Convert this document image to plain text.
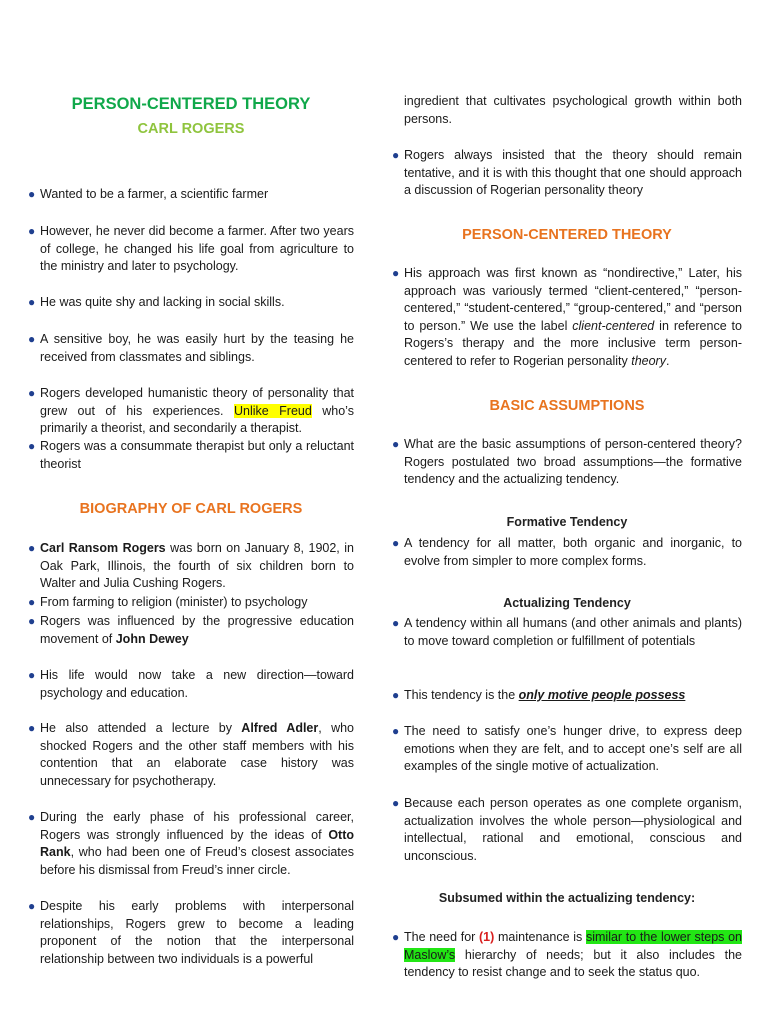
PERSON-CENTERED THEORY
CARL ROGERS

● Wanted to be a farmer, a scientific farmer

● However, he never did become a farmer. After two years of college, he changed his life goal from agriculture to the ministry and later to psychology.

● He was quite shy and lacking in social skills.

● A sensitive boy, he was easily hurt by the teasing he received from classmates and siblings.

● Rogers developed humanistic theory of personality that grew out of his experiences. Unlike Freud who’s primarily a theorist, and secondarily a therapist.

● Rogers was a consummate therapist but only a reluctant theorist

BIOGRAPHY OF CARL ROGERS

● Carl Ransom Rogers was born on January 8, 1902, in Oak Park, Illinois, the fourth of six children born to Walter and Julia Cushing Rogers.

● From farming to religion (minister) to psychology

● Rogers was influenced by the progressive education movement of John Dewey

● His life would now take a new direction—toward psychology and education.

● He also attended a lecture by Alfred Adler, who shocked Rogers and the other staff members with his contention that an elaborate case history was unnecessary for psychotherapy.

● During the early phase of his professional career, Rogers was strongly influenced by the ideas of Otto Rank, who had been one of Freud’s closest associates before his dismissal from Freud’s inner circle.

● Despite his early problems with interpersonal relationships, Rogers grew to become a leading proponent of the notion that the interpersonal relationship between two individuals is a powerful

ingredient that cultivates psychological growth within both persons.

● Rogers always insisted that the theory should remain tentative, and it is with this thought that one should approach a discussion of Rogerian personality theory

PERSON-CENTERED THEORY

● His approach was first known as “nondirective,” Later, his approach was variously termed “client-centered,” “person-centered,” “student-centered,” “group-centered,” and “person to person.” We use the label client-centered in reference to Rogers’s therapy and the more inclusive term person-centered to refer to Rogerian personality theory.

BASIC ASSUMPTIONS

● What are the basic assumptions of person-centered theory? Rogers postulated two broad assumptions—the formative tendency and the actualizing tendency.

Formative Tendency

● A tendency for all matter, both organic and inorganic, to evolve from simpler to more complex forms.

Actualizing Tendency

● A tendency within all humans (and other animals and plants) to move toward completion or fulfillment of potentials

● This tendency is the only motive people possess

● The need to satisfy one’s hunger drive, to express deep emotions when they are felt, and to accept one’s self are all examples of the single motive of actualization.

● Because each person operates as one complete organism, actualization involves the whole person—physiological and intellectual, rational and emotional, conscious and unconscious.

Subsumed within the actualizing tendency:

● The need for (1) maintenance is similar to the lower steps on Maslow’s hierarchy of needs; but it also includes the tendency to resist change and to seek the status quo.
